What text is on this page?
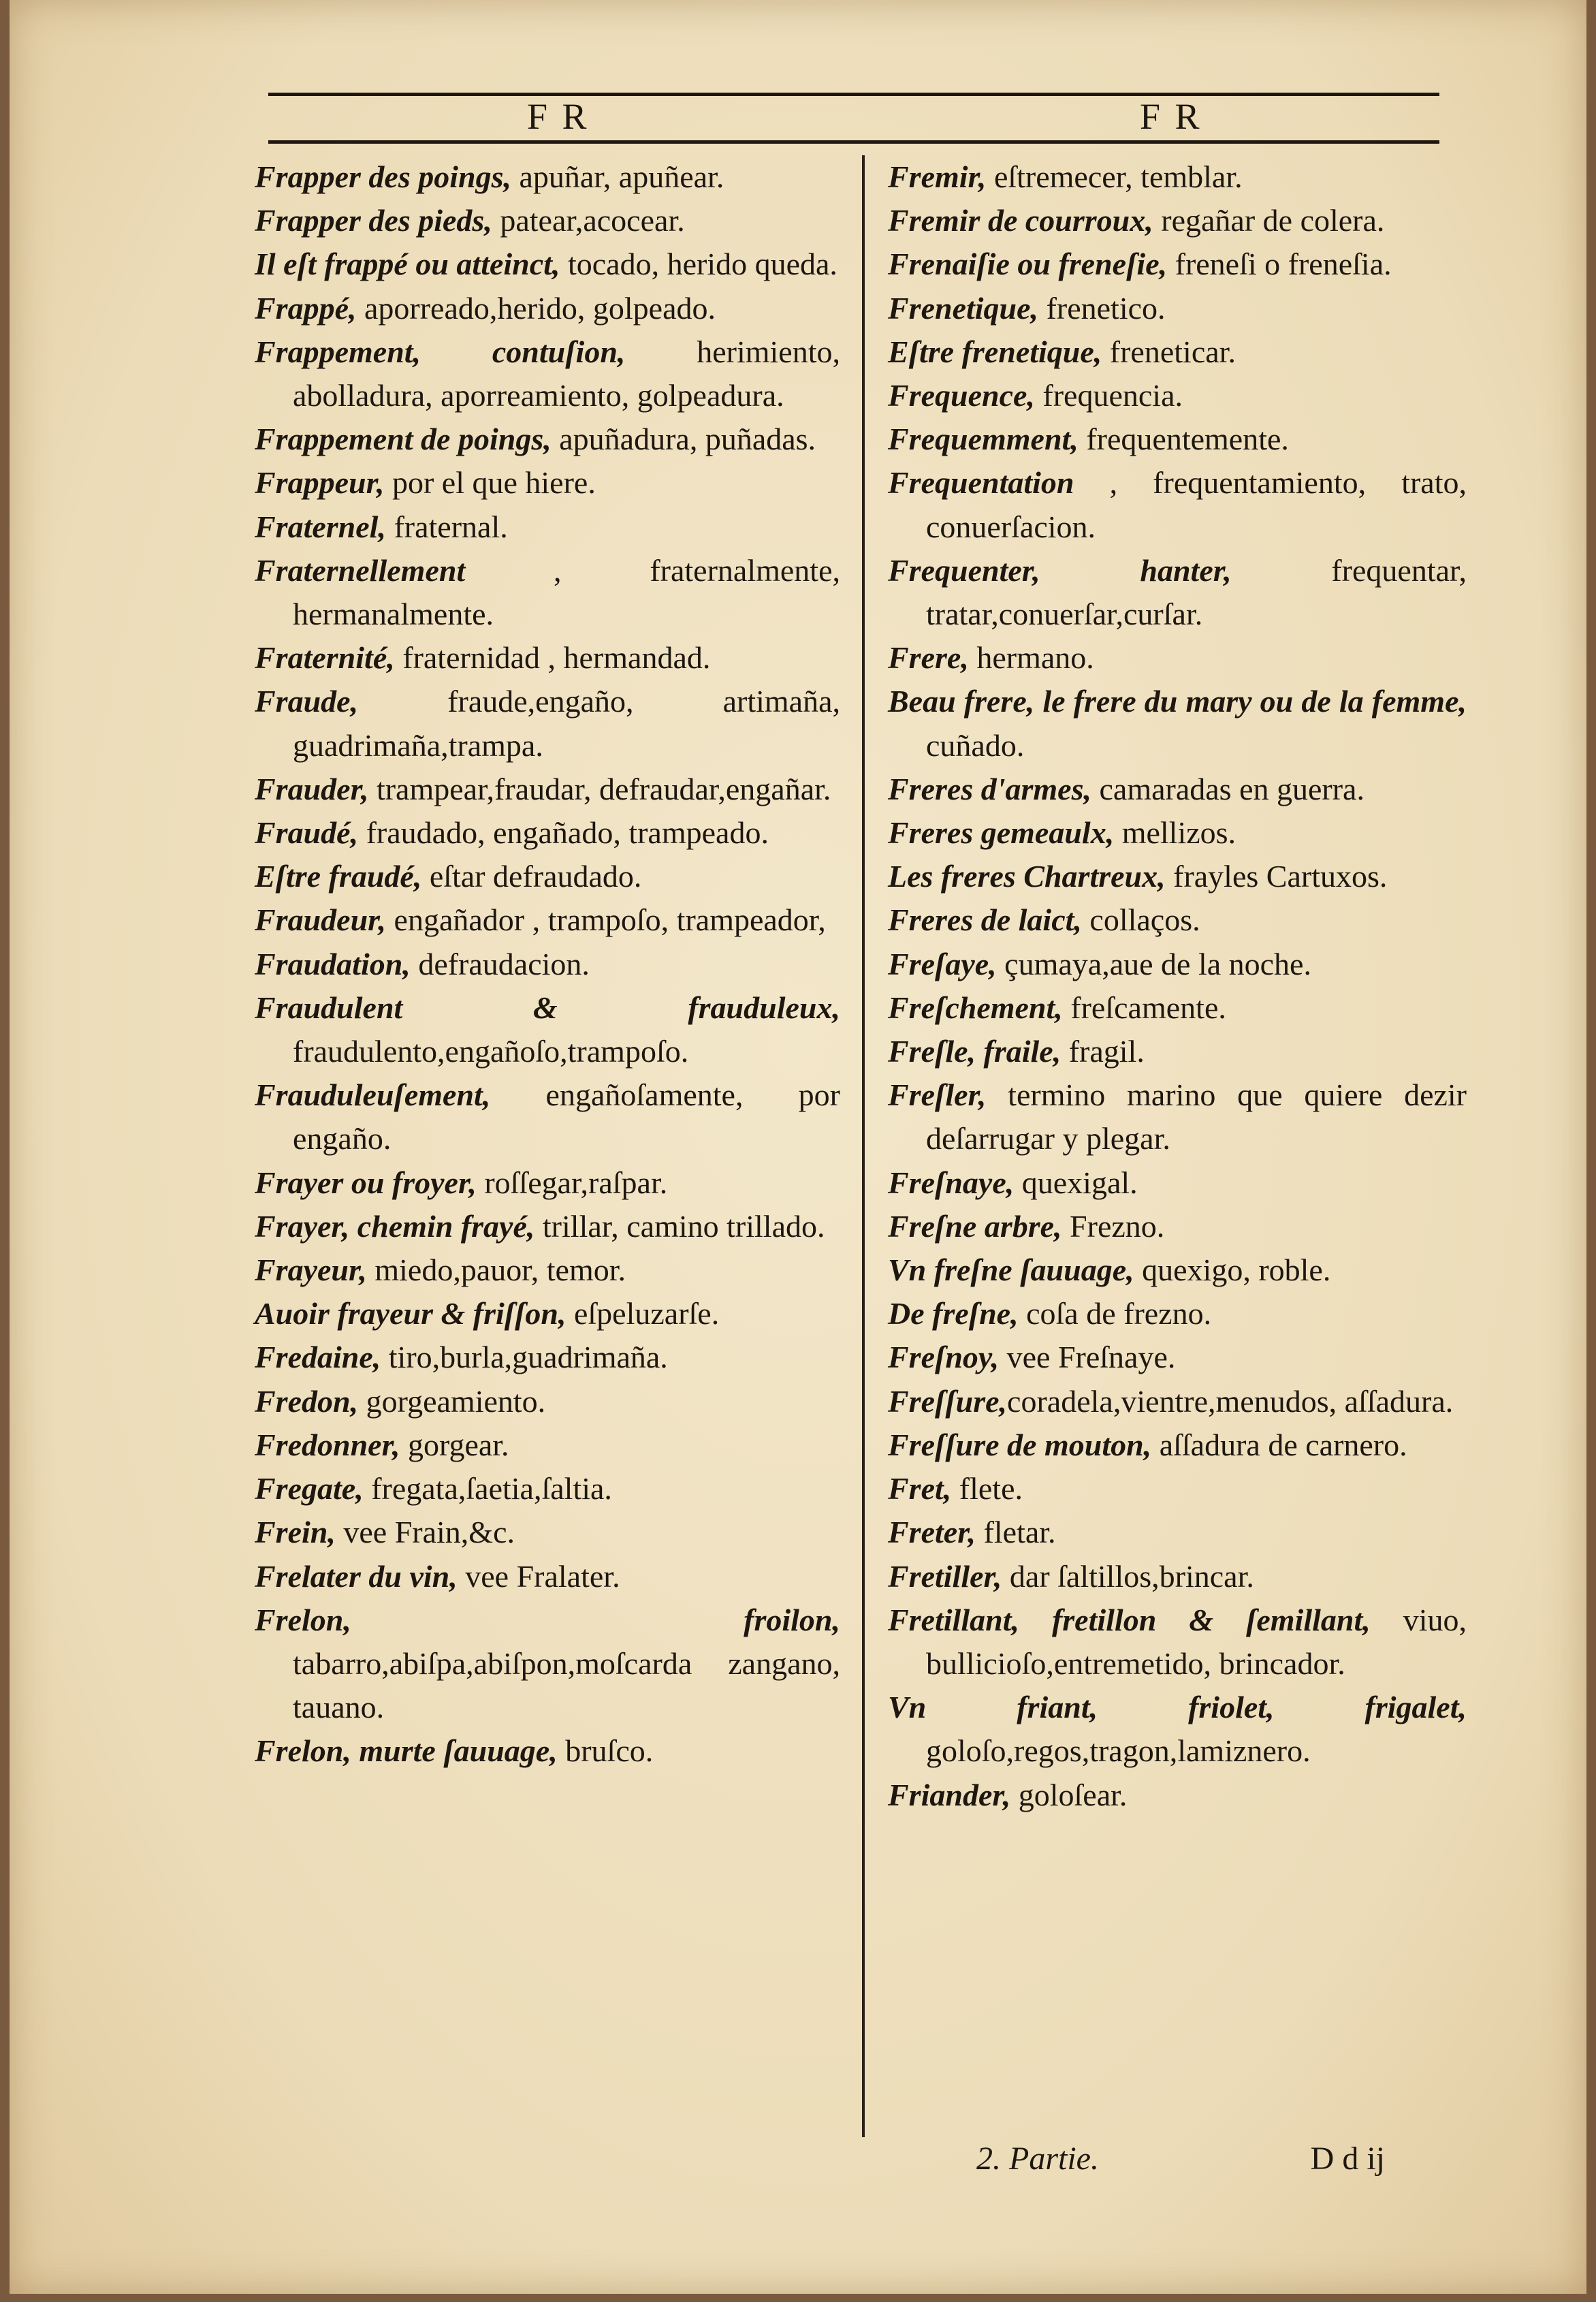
F R	F R

Frapper des poings, apuñar, apuñear.

Frapper des pieds, patear,acocear.

Il eſt frappé ou atteinct, tocado, herido queda.

Frappé, aporreado,herido, golpeado.

Frappement, contuſion, herimiento, abolladura, aporreamiento, golpeadura.

Frappement de poings, apuñadura, puñadas.

Frappeur, por el que hiere.

Fraternel, fraternal.

Fraternellement , fraternalmente, hermanalmente.

Fraternité, fraternidad , hermandad.

Fraude, fraude,engaño, artimaña, guadrimaña,trampa.

Frauder, trampear,fraudar, defraudar,engañar.

Fraudé, fraudado, engañado, trampeado.

Eſtre fraudé, eſtar defraudado.

Fraudeur, engañador , trampoſo, trampeador,

Fraudation, defraudacion.

Fraudulent & frauduleux, fraudulento,engañoſo,trampoſo.

Frauduleuſement, engañoſamente, por engaño.

Frayer ou froyer, roſſegar,raſpar.

Frayer, chemin frayé, trillar, camino trillado.

Frayeur, miedo,pauor, temor.

Auoir frayeur & friſſon, eſpeluzarſe.

Fredaine, tiro,burla,guadrimaña.

Fredon, gorgeamiento.

Fredonner, gorgear.

Fregate, fregata,ſaetia,ſaltia.

Frein, vee Frain,&c.

Frelater du vin, vee Fralater.

Frelon, froilon, tabarro,abiſpa,abiſpon,moſcarda zangano, tauano.

Frelon, murte ſauuage, bruſco.

Fremir, eſtremecer, temblar.

Fremir de courroux, regañar de colera.

Frenaiſie ou freneſie, freneſi o freneſia.

Frenetique, frenetico.

Eſtre frenetique, freneticar.

Frequence, frequencia.

Frequemment, frequentemente.

Frequentation , frequentamiento, trato, conuerſacion.

Frequenter, hanter, frequentar, tratar,conuerſar,curſar.

Frere, hermano.

Beau frere, le frere du mary ou de la femme, cuñado.

Freres d'armes, camaradas en guerra.

Freres gemeaulx, mellizos.

Les freres Chartreux, frayles Cartuxos.

Freres de laict, collaços.

Freſaye, çumaya,aue de la noche.

Freſchement, freſcamente.

Freſle, fraile, fragil.

Freſler, termino marino que quiere dezir deſarrugar y plegar.

Freſnaye, quexigal.

Freſne arbre, Frezno.

Vn freſne ſauuage, quexigo, roble.

De freſne, coſa de frezno.

Freſnoy, vee Freſnaye.

Freſſure,coradela,vientre,menudos, aſſadura.

Freſſure de mouton, aſſadura de carnero.

Fret, flete.

Freter, fletar.

Fretiller, dar ſaltillos,brincar.

Fretillant, fretillon & ſemillant, viuo, bullicioſo,entremetido, brincador.

Vn friant, friolet, frigalet, goloſo,regos,tragon,lamiznero.

Friander, goloſear.

2. Partie.	D d ij
